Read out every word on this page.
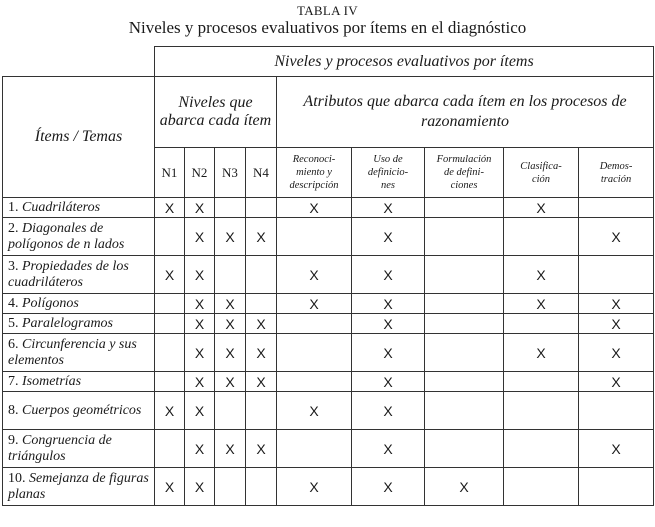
TABLA IV
Niveles y procesos evaluativos por ítems en el diagnóstico
	Niveles y procesos evaluativos por ítems								
Ítems / Temas	Niveles que abarca cada ítem				Atributos que abarca cada ítem en los procesos de razonamiento				

	N1	N2	N3	N4	Reconoci-
miento y
descripción	Uso de
definicio-
nes	Formulación
de defini-
ciones	Clasifica-
ción	Demos-
tración
1. Cuadriláteros	X	X			X	X		X	
2. Diagonales de polígonos de n lados		X	X	X		X			X
3. Propiedades de los cuadriláteros	X	X			X	X		X	
4. Polígonos		X	X		X	X		X	X
5. Paralelogramos		X	X	X		X			X
6. Circunferencia y sus elementos		X	X	X		X		X	X
7. Isometrías		X	X	X		X			X
8. Cuerpos geométricos	X	X			X	X			
9. Congruencia de triángulos		X	X	X		X			X
10. Semejanza de figuras planas	X	X			X	X	X		
